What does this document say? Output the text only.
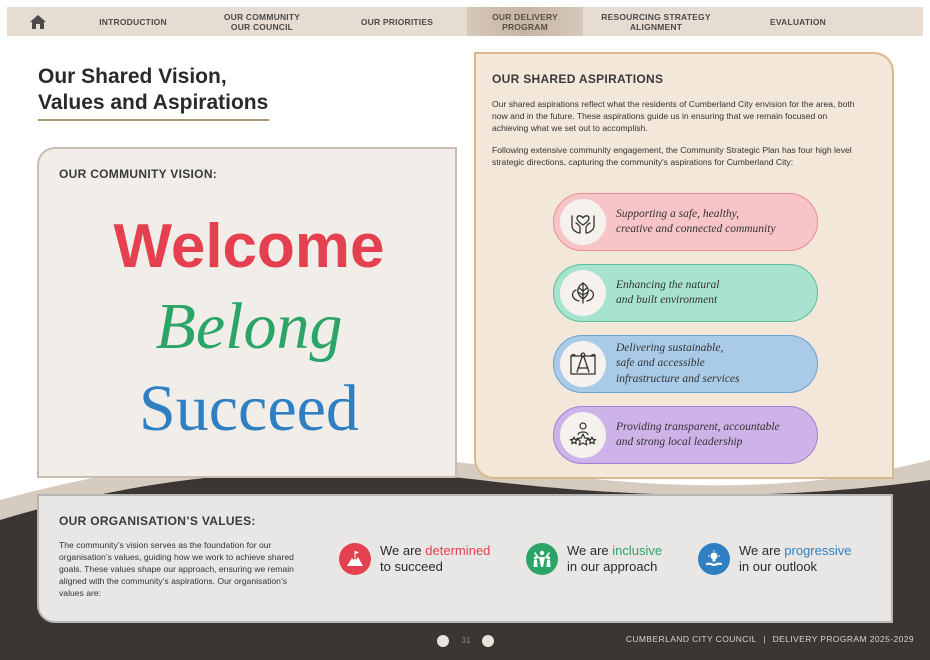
INTRODUCTION	OUR COMMUNITY
OUR COUNCIL	OUR PRIORITIES	OUR DELIVERY
PROGRAM
RESOURCING STRATEGY
ALIGNMENT	EVALUATION
Our Shared Vision,
Values and Aspirations
OUR COMMUNITY VISION:
Welcome
Belong
Succeed
OUR SHARED ASPIRATIONS
Our shared aspirations reflect what the residents of Cumberland City envision for the area, both now and in the future. These aspirations guide us in ensuring that we remain focused on achieving what we set out to accomplish.
Following extensive community engagement, the Community Strategic Plan has four high level strategic directions, capturing the community's aspirations for Cumberland City:
Supporting a safe, healthy,
creative and connected community
Enhancing the natural
and built environment
Delivering sustainable,
safe and accessible
infrastructure and services
Providing transparent, accountable
and strong local leadership
OUR ORGANISATION’S VALUES:
The community’s vision serves as the foundation for our organisation’s values, guiding how we work to achieve shared goals. These values shape our approach, ensuring we remain aligned with the community’s aspirations. Our organisation’s values are:
We are determined
to succeed
We are inclusive
in our approach
We are progressive
in our outlook
31	CUMBERLAND CITY COUNCIL | DELIVERY PROGRAM 2025-2029
